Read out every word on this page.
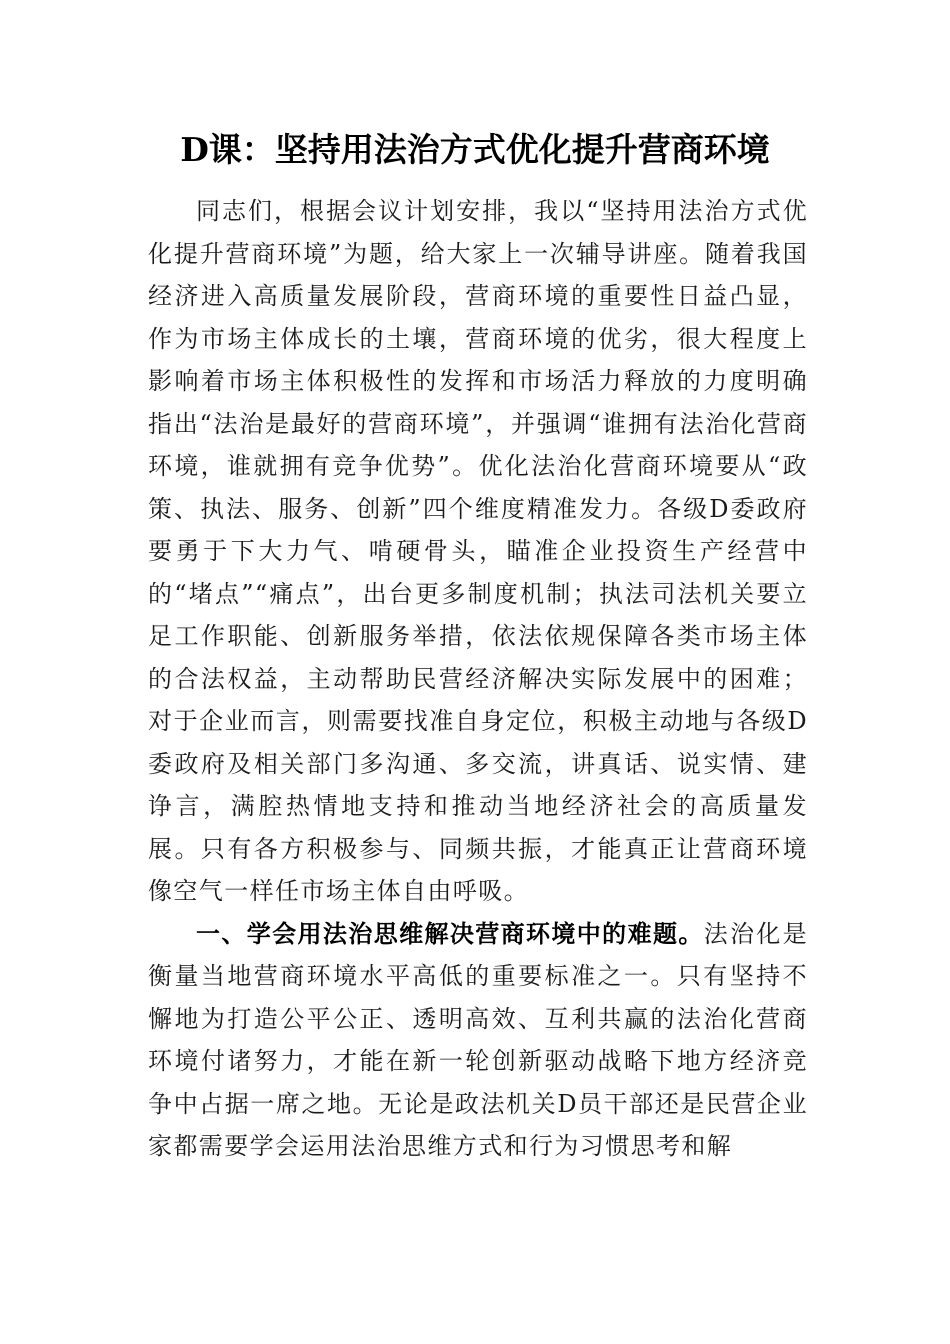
D课：坚持用法治方式优化提升营商环境

同志们，根据会议计划安排，我以“坚持用法治方式优化提升营商环境”为题，给大家上一次辅导讲座。随着我国经济进入高质量发展阶段，营商环境的重要性日益凸显，作为市场主体成长的土壤，营商环境的优劣，很大程度上影响着市场主体积极性的发挥和市场活力释放的力度明确指出“法治是最好的营商环境”，并强调“谁拥有法治化营商环境，谁就拥有竞争优势”。优化法治化营商环境要从“政策、执法、服务、创新”四个维度精准发力。各级D委政府要勇于下大力气、啃硬骨头，瞄准企业投资生产经营中的“堵点”“痛点”，出台更多制度机制；执法司法机关要立足工作职能、创新服务举措，依法依规保障各类市场主体的合法权益，主动帮助民营经济解决实际发展中的困难；对于企业而言，则需要找准自身定位，积极主动地与各级D委政府及相关部门多沟通、多交流，讲真话、说实情、建诤言，满腔热情地支持和推动当地经济社会的高质量发展。只有各方积极参与、同频共振，才能真正让营商环境像空气一样任市场主体自由呼吸。

一、学会用法治思维解决营商环境中的难题。法治化是衡量当地营商环境水平高低的重要标准之一。只有坚持不懈地为打造公平公正、透明高效、互利共赢的法治化营商环境付诸努力，才能在新一轮创新驱动战略下地方经济竞争中占据一席之地。无论是政法机关D员干部还是民营企业家都需要学会运用法治思维方式和行为习惯思考和解
